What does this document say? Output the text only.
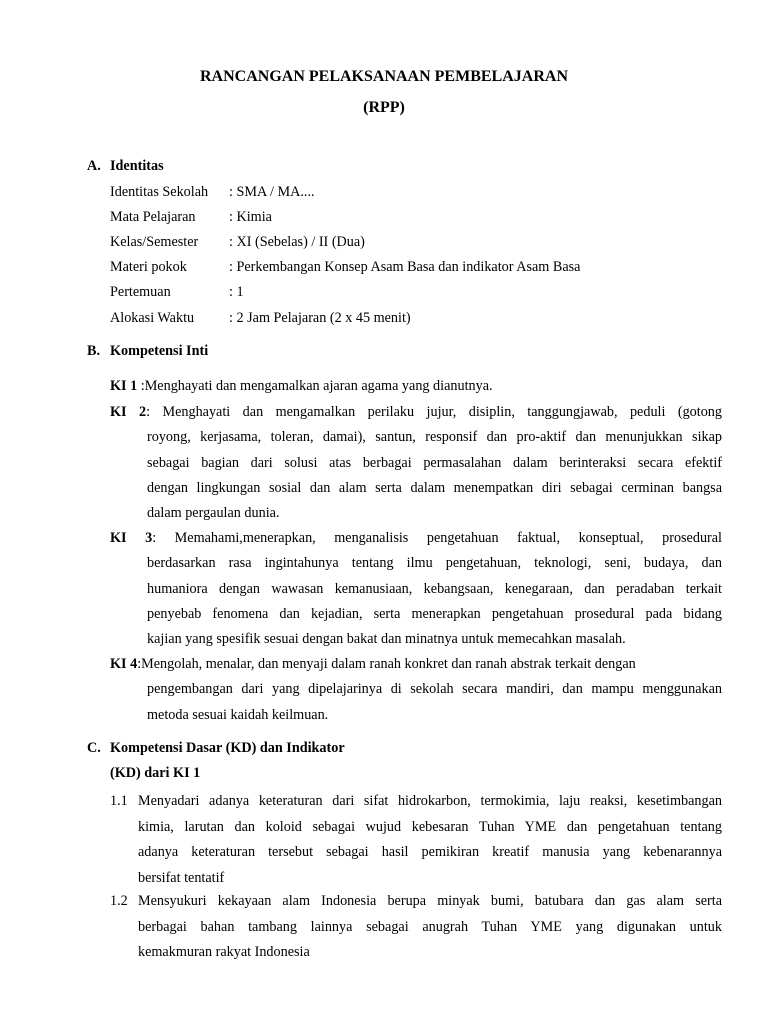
RANCANGAN PELAKSANAAN PEMBELAJARAN
(RPP)
A. Identitas
Identitas Sekolah : SMA / MA....
Mata Pelajaran : Kimia
Kelas/Semester : XI (Sebelas) / II (Dua)
Materi pokok	: Perkembangan Konsep Asam Basa dan indikator Asam Basa
Pertemuan	: 1
Alokasi Waktu : 2 Jam Pelajaran (2 x 45 menit)
B. Kompetensi Inti
KI 1 :Menghayati dan mengamalkan ajaran agama yang dianutnya.
KI 2: Menghayati dan mengamalkan perilaku jujur, disiplin, tanggungjawab, peduli (gotong
royong, kerjasama, toleran, damai), santun, responsif dan pro-aktif dan menunjukkan sikap
sebagai bagian dari solusi atas berbagai permasalahan dalam berinteraksi secara efektif
dengan lingkungan sosial dan alam serta dalam menempatkan diri sebagai cerminan bangsa
dalam pergaulan dunia.
KI 3: Memahami,menerapkan, menganalisis pengetahuan faktual, konseptual, prosedural
berdasarkan rasa ingintahunya tentang ilmu pengetahuan, teknologi, seni, budaya, dan
humaniora dengan wawasan kemanusiaan, kebangsaan, kenegaraan, dan peradaban terkait
penyebab fenomena dan kejadian, serta menerapkan pengetahuan prosedural pada bidang
kajian yang spesifik sesuai dengan bakat dan minatnya untuk memecahkan masalah.
KI 4:Mengolah, menalar, dan menyaji dalam ranah konkret dan ranah abstrak terkait dengan
pengembangan dari yang dipelajarinya di sekolah secara mandiri, dan mampu menggunakan
metoda sesuai kaidah keilmuan.
C. Kompetensi Dasar (KD) dan Indikator
(KD) dari KI 1
1.1 Menyadari adanya keteraturan dari sifat hidrokarbon, termokimia, laju reaksi, kesetimbangan
kimia, larutan dan koloid sebagai wujud kebesaran Tuhan YME dan pengetahuan tentang
adanya keteraturan tersebut sebagai hasil pemikiran kreatif manusia yang kebenarannya
bersifat tentatif
1.2 Mensyukuri kekayaan alam Indonesia berupa minyak bumi, batubara dan gas alam serta
berbagai bahan tambang lainnya sebagai anugrah Tuhan YME yang digunakan untuk
kemakmuran rakyat Indonesia
